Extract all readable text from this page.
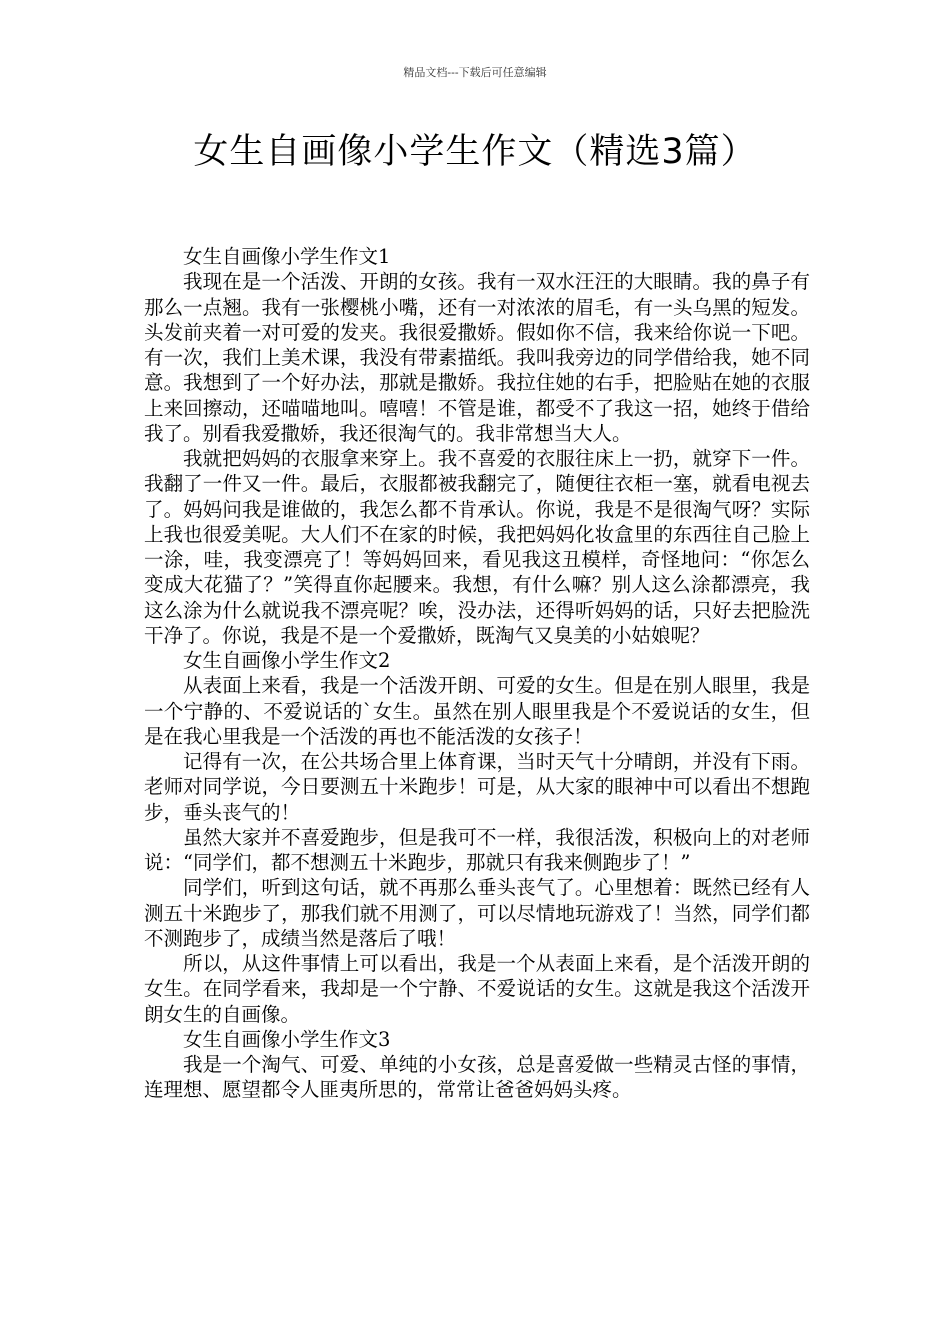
精品文档---下载后可任意编辑
女生自画像小学生作文（精选3篇）

女生自画像小学生作文1

我现在是一个活泼、开朗的女孩。我有一双水汪汪的大眼睛。我的鼻子有那么一点翘。我有一张樱桃小嘴，还有一对浓浓的眉毛，有一头乌黑的短发。头发前夹着一对可爱的发夹。我很爱撒娇。假如你不信，我来给你说一下吧。有一次，我们上美术课，我没有带素描纸。我叫我旁边的同学借给我，她不同意。我想到了一个好办法，那就是撒娇。我拉住她的右手，把脸贴在她的衣服上来回擦动，还喵喵地叫。嘻嘻！不管是谁，都受不了我这一招，她终于借给我了。别看我爱撒娇，我还很淘气的。我非常想当大人。

我就把妈妈的衣服拿来穿上。我不喜爱的衣服往床上一扔，就穿下一件。我翻了一件又一件。最后，衣服都被我翻完了，随便往衣柜一塞，就看电视去了。妈妈问我是谁做的，我怎么都不肯承认。你说，我是不是很淘气呀？实际上我也很爱美呢。大人们不在家的时候，我把妈妈化妆盒里的东西往自己脸上一涂，哇，我变漂亮了！等妈妈回来，看见我这丑模样，奇怪地问：“你怎么变成大花猫了？”笑得直你起腰来。我想，有什么嘛？别人这么涂都漂亮，我这么涂为什么就说我不漂亮呢？唉，没办法，还得听妈妈的话，只好去把脸洗干净了。你说，我是不是一个爱撒娇，既淘气又臭美的小姑娘呢？

女生自画像小学生作文2

从表面上来看，我是一个活泼开朗、可爱的女生。但是在别人眼里，我是一个宁静的、不爱说话的`女生。虽然在别人眼里我是个不爱说话的女生，但是在我心里我是一个活泼的再也不能活泼的女孩子！

记得有一次，在公共场合里上体育课，当时天气十分晴朗，并没有下雨。老师对同学说，今日要测五十米跑步！可是，从大家的眼神中可以看出不想跑步，垂头丧气的！

虽然大家并不喜爱跑步，但是我可不一样，我很活泼，积极向上的对老师说：“同学们，都不想测五十米跑步，那就只有我来侧跑步了！”

同学们，听到这句话，就不再那么垂头丧气了。心里想着：既然已经有人测五十米跑步了，那我们就不用测了，可以尽情地玩游戏了！当然，同学们都不测跑步了，成绩当然是落后了哦！

所以，从这件事情上可以看出，我是一个从表面上来看，是个活泼开朗的女生。在同学看来，我却是一个宁静、不爱说话的女生。这就是我这个活泼开朗女生的自画像。

女生自画像小学生作文3

我是一个淘气、可爱、单纯的小女孩，总是喜爱做一些精灵古怪的事情，连理想、愿望都令人匪夷所思的，常常让爸爸妈妈头疼。
